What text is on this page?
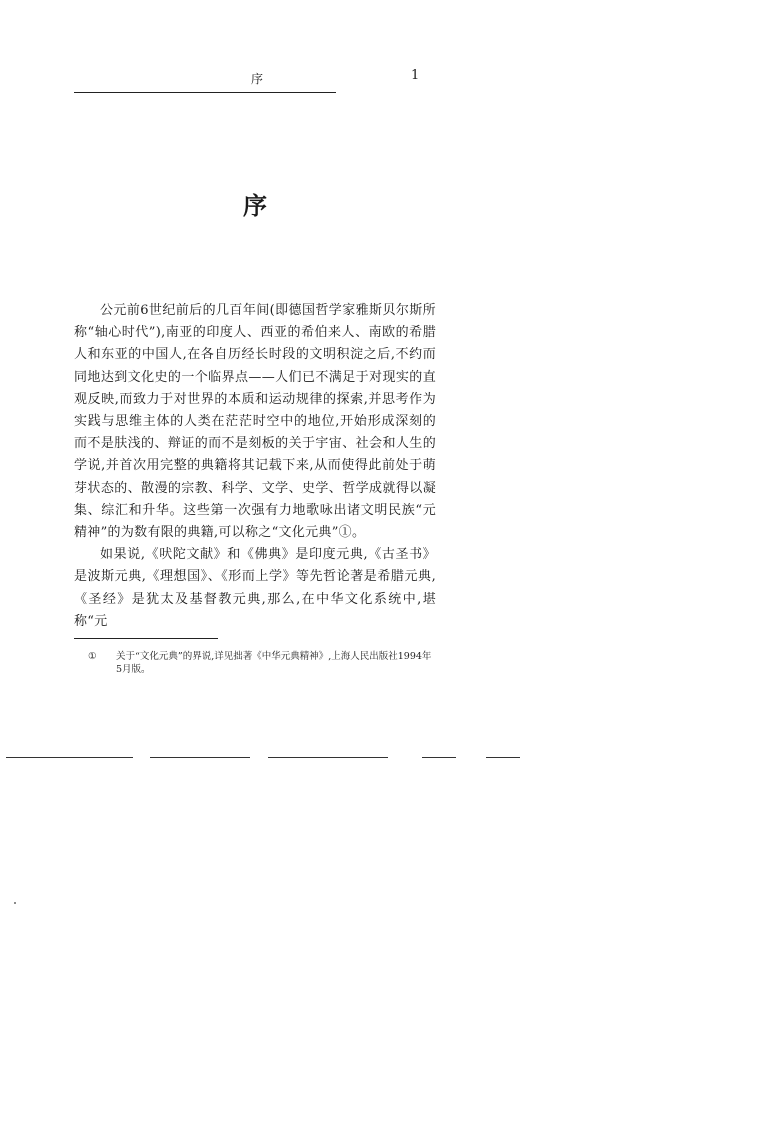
序	1
序

公元前6世纪前后的几百年间(即德国哲学家雅斯贝尔斯所称“轴心时代”),南亚的印度人、西亚的希伯来人、南欧的希腊人和东亚的中国人,在各自历经长时段的文明积淀之后,不约而同地达到文化史的一个临界点——人们已不满足于对现实的直观反映,而致力于对世界的本质和运动规律的探索,并思考作为实践与思维主体的人类在茫茫时空中的地位,开始形成深刻的而不是肤浅的、辩证的而不是刻板的关于宇宙、社会和人生的学说,并首次用完整的典籍将其记载下来,从而使得此前处于萌芽状态的、散漫的宗教、科学、文学、史学、哲学成就得以凝集、综汇和升华。这些第一次强有力地歌咏出诸文明民族“元精神”的为数有限的典籍,可以称之“文化元典”①。

如果说,《吠陀文献》和《佛典》是印度元典,《古圣书》是波斯元典,《理想国》、《形而上学》等先哲论著是希腊元典,《圣经》是犹太及基督教元典,那么,在中华文化系统中,堪称“元

①	关于“文化元典”的界说,详见拙著《中华元典精神》,上海人民出版社1994年5月版。
